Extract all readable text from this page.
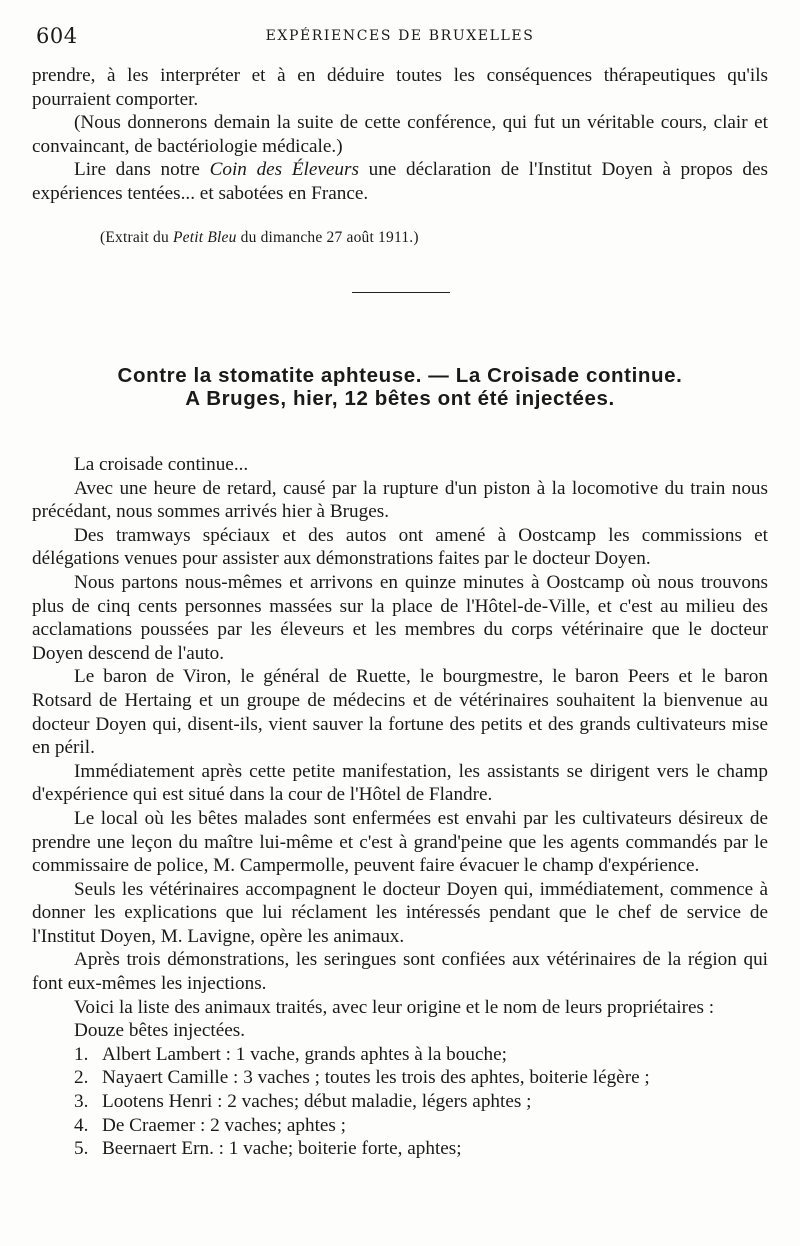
604	EXPÉRIENCES DE BRUXELLES

prendre, à les interpréter et à en déduire toutes les conséquences thérapeutiques qu'ils pourraient comporter.

(Nous donnerons demain la suite de cette conférence, qui fut un véritable cours, clair et convaincant, de bactériologie médicale.)

Lire dans notre Coin des Éleveurs une déclaration de l'Institut Doyen à propos des expériences tentées... et sabotées en France.

(Extrait du Petit Bleu du dimanche 27 août 1911.)
Contre la stomatite aphteuse. — La Croisade continue.
A Bruges, hier, 12 bêtes ont été injectées.

La croisade continue...

Avec une heure de retard, causé par la rupture d'un piston à la locomotive du train nous précédant, nous sommes arrivés hier à Bruges.

Des tramways spéciaux et des autos ont amené à Oostcamp les commissions et délégations venues pour assister aux démonstrations faites par le docteur Doyen.

Nous partons nous-mêmes et arrivons en quinze minutes à Oostcamp où nous trouvons plus de cinq cents personnes massées sur la place de l'Hôtel-de-Ville, et c'est au milieu des acclamations poussées par les éleveurs et les membres du corps vétérinaire que le docteur Doyen descend de l'auto.

Le baron de Viron, le général de Ruette, le bourgmestre, le baron Peers et le baron Rotsard de Hertaing et un groupe de médecins et de vétérinaires souhaitent la bienvenue au docteur Doyen qui, disent-ils, vient sauver la fortune des petits et des grands cultivateurs mise en péril.

Immédiatement après cette petite manifestation, les assistants se dirigent vers le champ d'expérience qui est situé dans la cour de l'Hôtel de Flandre.

Le local où les bêtes malades sont enfermées est envahi par les cultivateurs désireux de prendre une leçon du maître lui-même et c'est à grand'peine que les agents commandés par le commissaire de police, M. Campermolle, peuvent faire évacuer le champ d'expérience.

Seuls les vétérinaires accompagnent le docteur Doyen qui, immédiatement, commence à donner les explications que lui réclament les intéressés pendant que le chef de service de l'Institut Doyen, M. Lavigne, opère les animaux.

Après trois démonstrations, les seringues sont confiées aux vétérinaires de la région qui font eux-mêmes les injections.

Voici la liste des animaux traités, avec leur origine et le nom de leurs propriétaires :

Douze bêtes injectées.

1. Albert Lambert : 1 vache, grands aphtes à la bouche;

2. Nayaert Camille : 3 vaches ; toutes les trois des aphtes, boiterie légère ;

3. Lootens Henri : 2 vaches; début maladie, légers aphtes ;

4. De Craemer : 2 vaches; aphtes ;

5. Beernaert Ern. : 1 vache; boiterie forte, aphtes;
